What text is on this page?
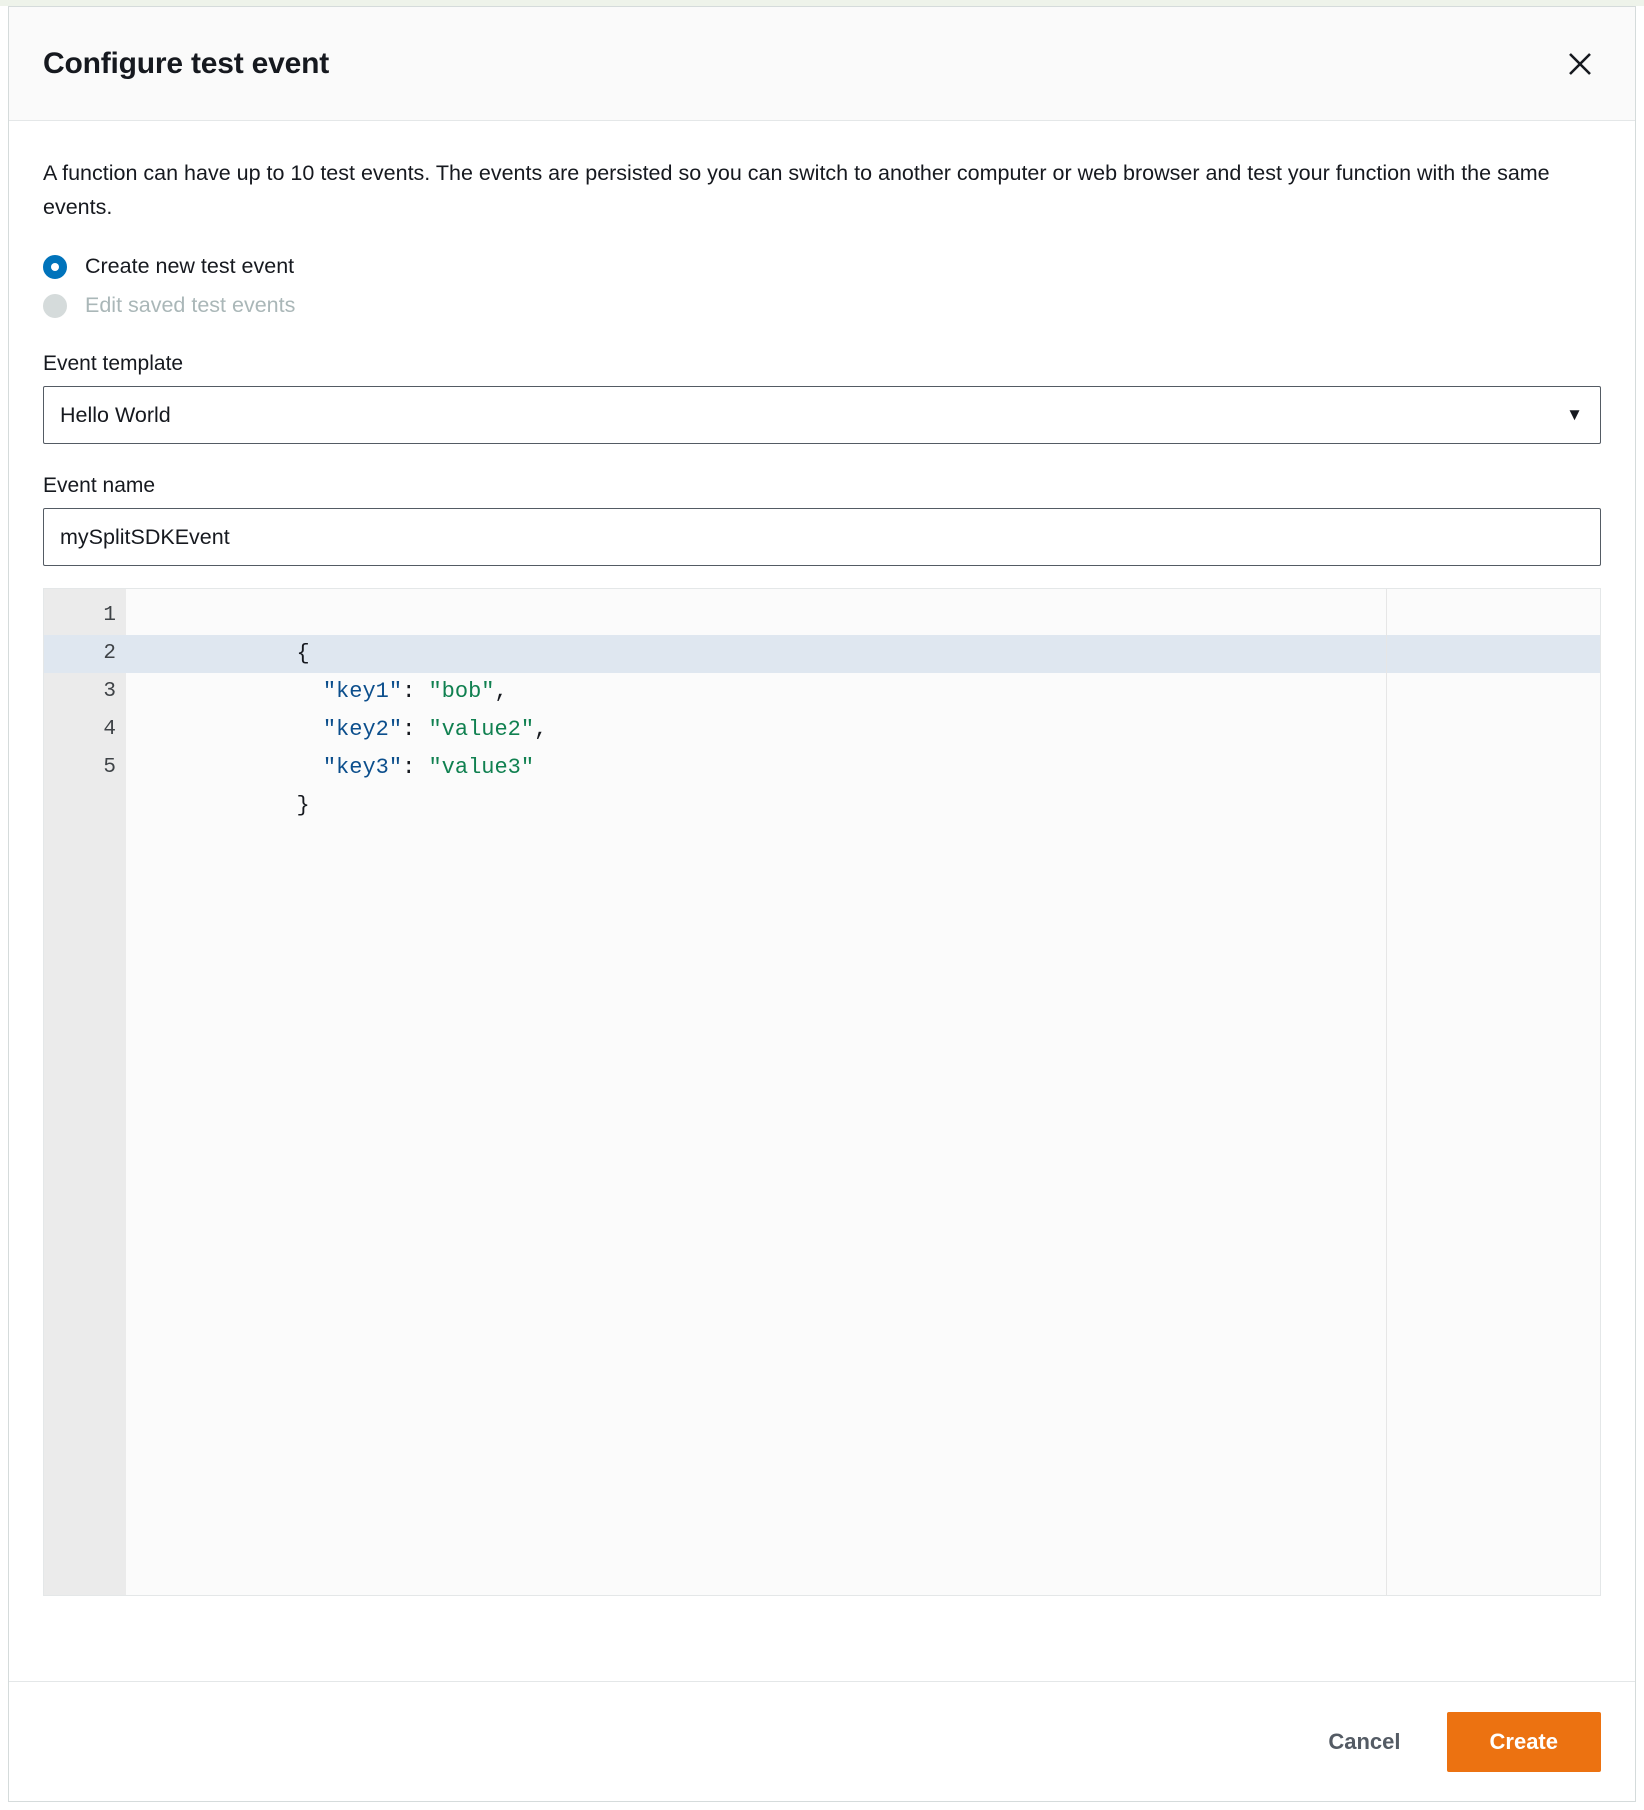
Configure test event

A function can have up to 10 test events. The events are persisted so you can switch to another computer or web browser and test your function with the same events.

Create new test event
Edit saved test events
Event template
Hello World	▼
Event name
mySplitSDKEvent
1
2
3
4
5

{

"key1": "bob",

"key2": "value2",

"key3": "value3"

}

Cancel	Create
